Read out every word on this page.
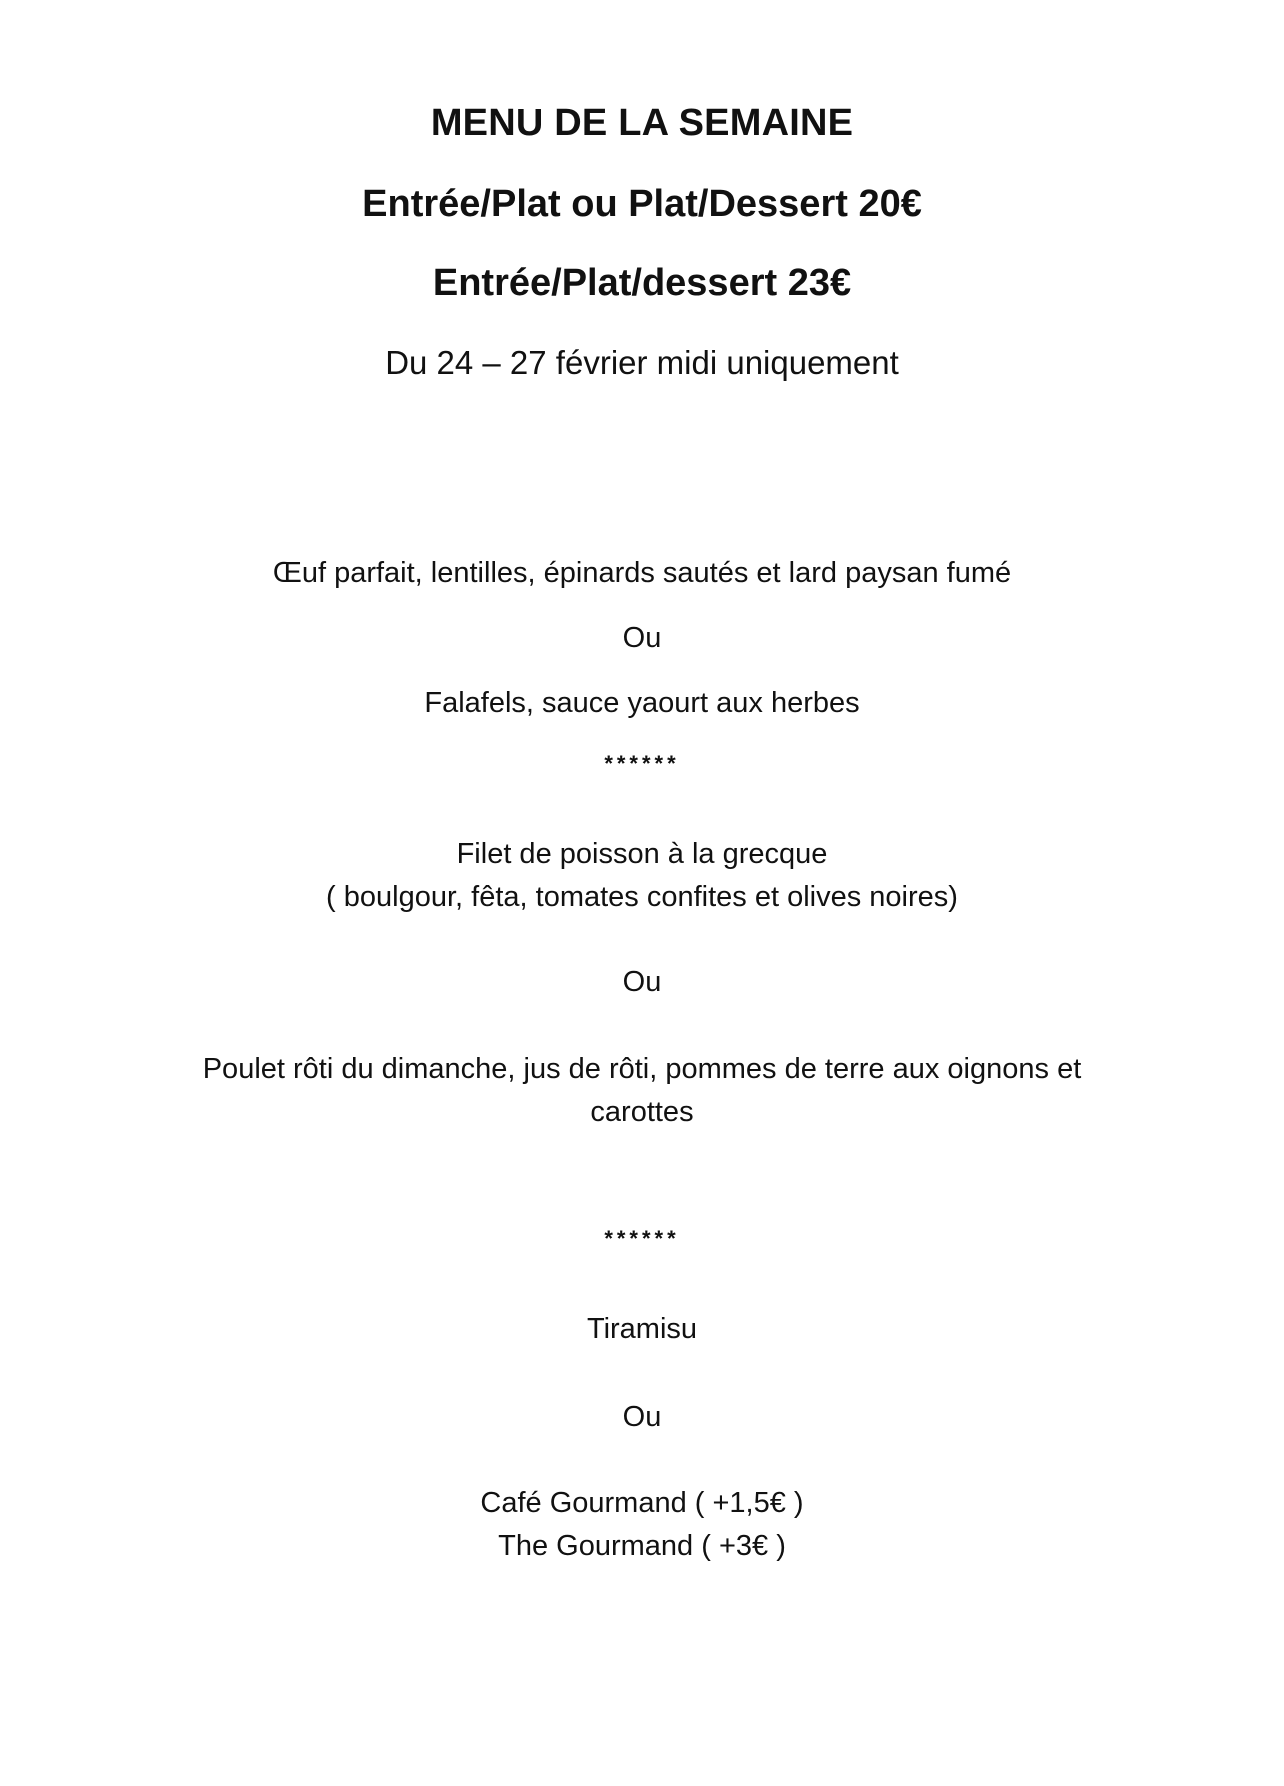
MENU DE LA SEMAINE
Entrée/Plat ou Plat/Dessert 20€
Entrée/Plat/dessert 23€
Du 24 – 27 février midi uniquement
Œuf parfait, lentilles, épinards sautés et lard paysan fumé
Ou
Falafels, sauce yaourt aux herbes
******
Filet de poisson à la grecque
( boulgour, fêta, tomates confites et olives noires)
Ou
Poulet rôti du dimanche, jus de rôti, pommes de terre aux oignons et
carottes
******
Tiramisu
Ou
Café Gourmand ( +1,5€ )
The Gourmand ( +3€ )
